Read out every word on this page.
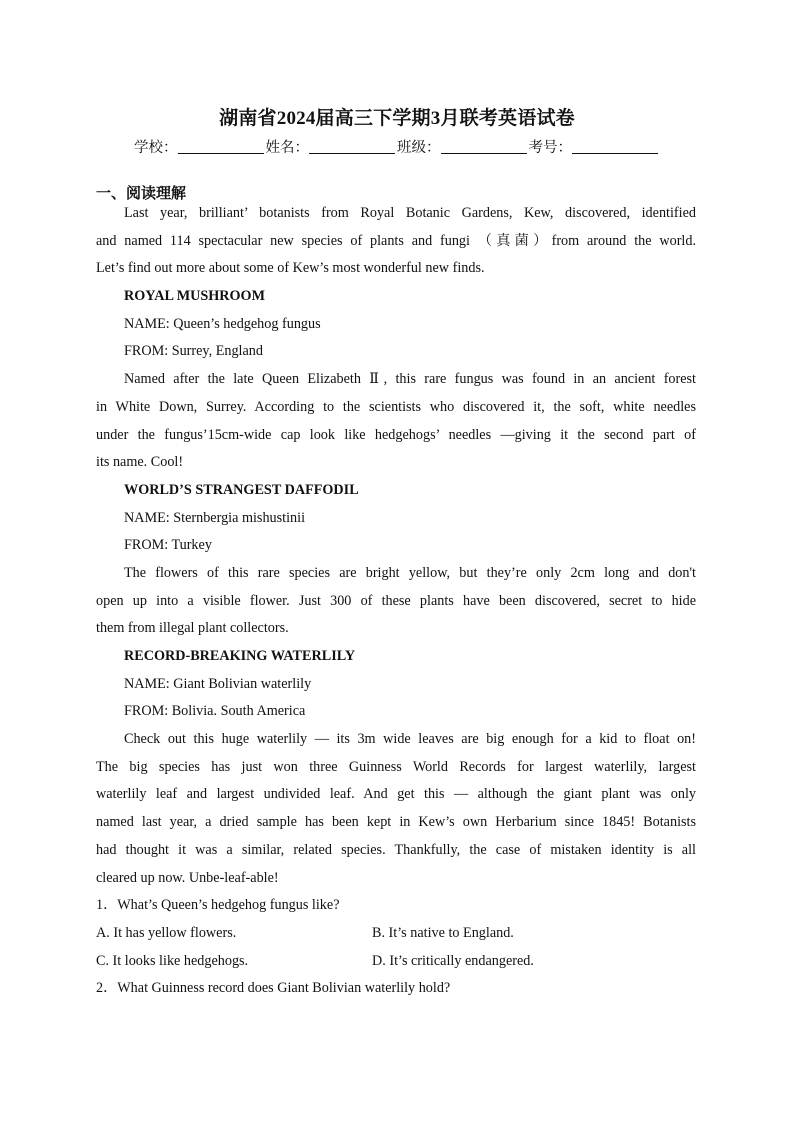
湖南省2024届高三下学期3月联考英语试卷
学校：	姓名：	班级：	考号：
一、阅读理解
Last year, brilliant’ botanists from Royal Botanic Gardens, Kew, discovered, identified
and named 114 spectacular new species of plants and fungi （真菌）from around the world.
Let’s find out more about some of Kew’s most wonderful new finds.
ROYAL MUSHROOM
NAME: Queen’s hedgehog fungus
FROM: Surrey, England
Named after the late Queen Elizabeth Ⅱ, this rare fungus was found in an ancient forest
in White Down, Surrey. According to the scientists who discovered it, the soft, white needles
under the fungus’15cm-wide cap look like hedgehogs’ needles —giving it the second part of
its name. Cool!
WORLD’S STRANGEST DAFFODIL
NAME: Sternbergia mishustinii
FROM: Turkey
The flowers of this rare species are bright yellow, but they’re only 2cm long and don't
open up into a visible flower. Just 300 of these plants have been discovered, secret to hide
them from illegal plant collectors.
RECORD-BREAKING WATERLILY
NAME: Giant Bolivian waterlily
FROM: Bolivia. South America
Check out this huge waterlily — its 3m wide leaves are big enough for a kid to float on!
The big species has just won three Guinness World Records for largest waterlily, largest
waterlily leaf and largest undivided leaf. And get this — although the giant plant was only
named last year, a dried sample has been kept in Kew’s own Herbarium since 1845! Botanists
had thought it was a similar, related species. Thankfully, the case of mistaken identity is all
cleared up now. Unbe-leaf-able!
1．What’s Queen’s hedgehog fungus like?
A. It has yellow flowers.	B. It’s native to England.
C. It looks like hedgehogs.	D. It’s critically endangered.
2．What Guinness record does Giant Bolivian waterlily hold?
